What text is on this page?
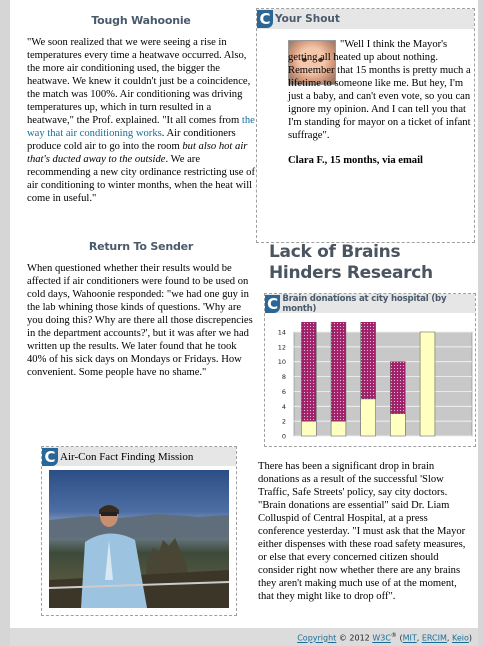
Tough Wahoonie

"We soon realized that we were seeing a rise in temperatures every time a heatwave occurred. Also, the more air conditioning used, the bigger the heatwave. We knew it couldn't just be a coincidence, the match was 100%. Air conditioning was driving temperatures up, which in turn resulted in a heatwave," the Prof. explained. "It all comes from the way that air conditioning works. Air conditioners produce cold air to go into the room but also hot air that's ducted away to the outside. We are recommending a new city ordinance restricting use of air conditioning to winter months, when the heat will come in useful."

C Your Shout

"Well I think the Mayor's getting all heated up about nothing. Remember that 15 months is pretty much a lifetime to someone like me. But hey, I'm just a baby, and can't even vote, so you can ignore my opinion. And I can tell you that I'm standing for mayor on a ticket of infant suffrage".

Clara F., 15 months, via email

Return To Sender

When questioned whether their results would be affected if air conditioners were found to be used on cold days, Wahoonie responded: "we had one guy in the lab whining those kinds of questions. 'Why are you doing this? Why are there all those discrepencies in the department accounts?', but it was after we had written up the results. We later found that he took 40% of his sick days on Mondays or Fridays. How convenient. Some people have no shame."

Lack of Brains Hinders Research
C Brain donations at city hospital (by month)
0
2
4
6
8
10
12
14

There has been a significant drop in brain donations as a result of the successful 'Slow Traffic, Safe Streets' policy, say city doctors. "Brain donations are essential" said Dr. Liam Colluspid of Central Hospital, at a press conference yesterday. "I must ask that the Mayor either dispenses with these road safety measures, or else that every concerned citizen should consider right now whether there are any brains they aren't making much use of at the moment, that they might like to drop off".

C Air-Con Fact Finding Mission
Copyright © 2012 W3C® (MIT, ERCIM, Keio)
